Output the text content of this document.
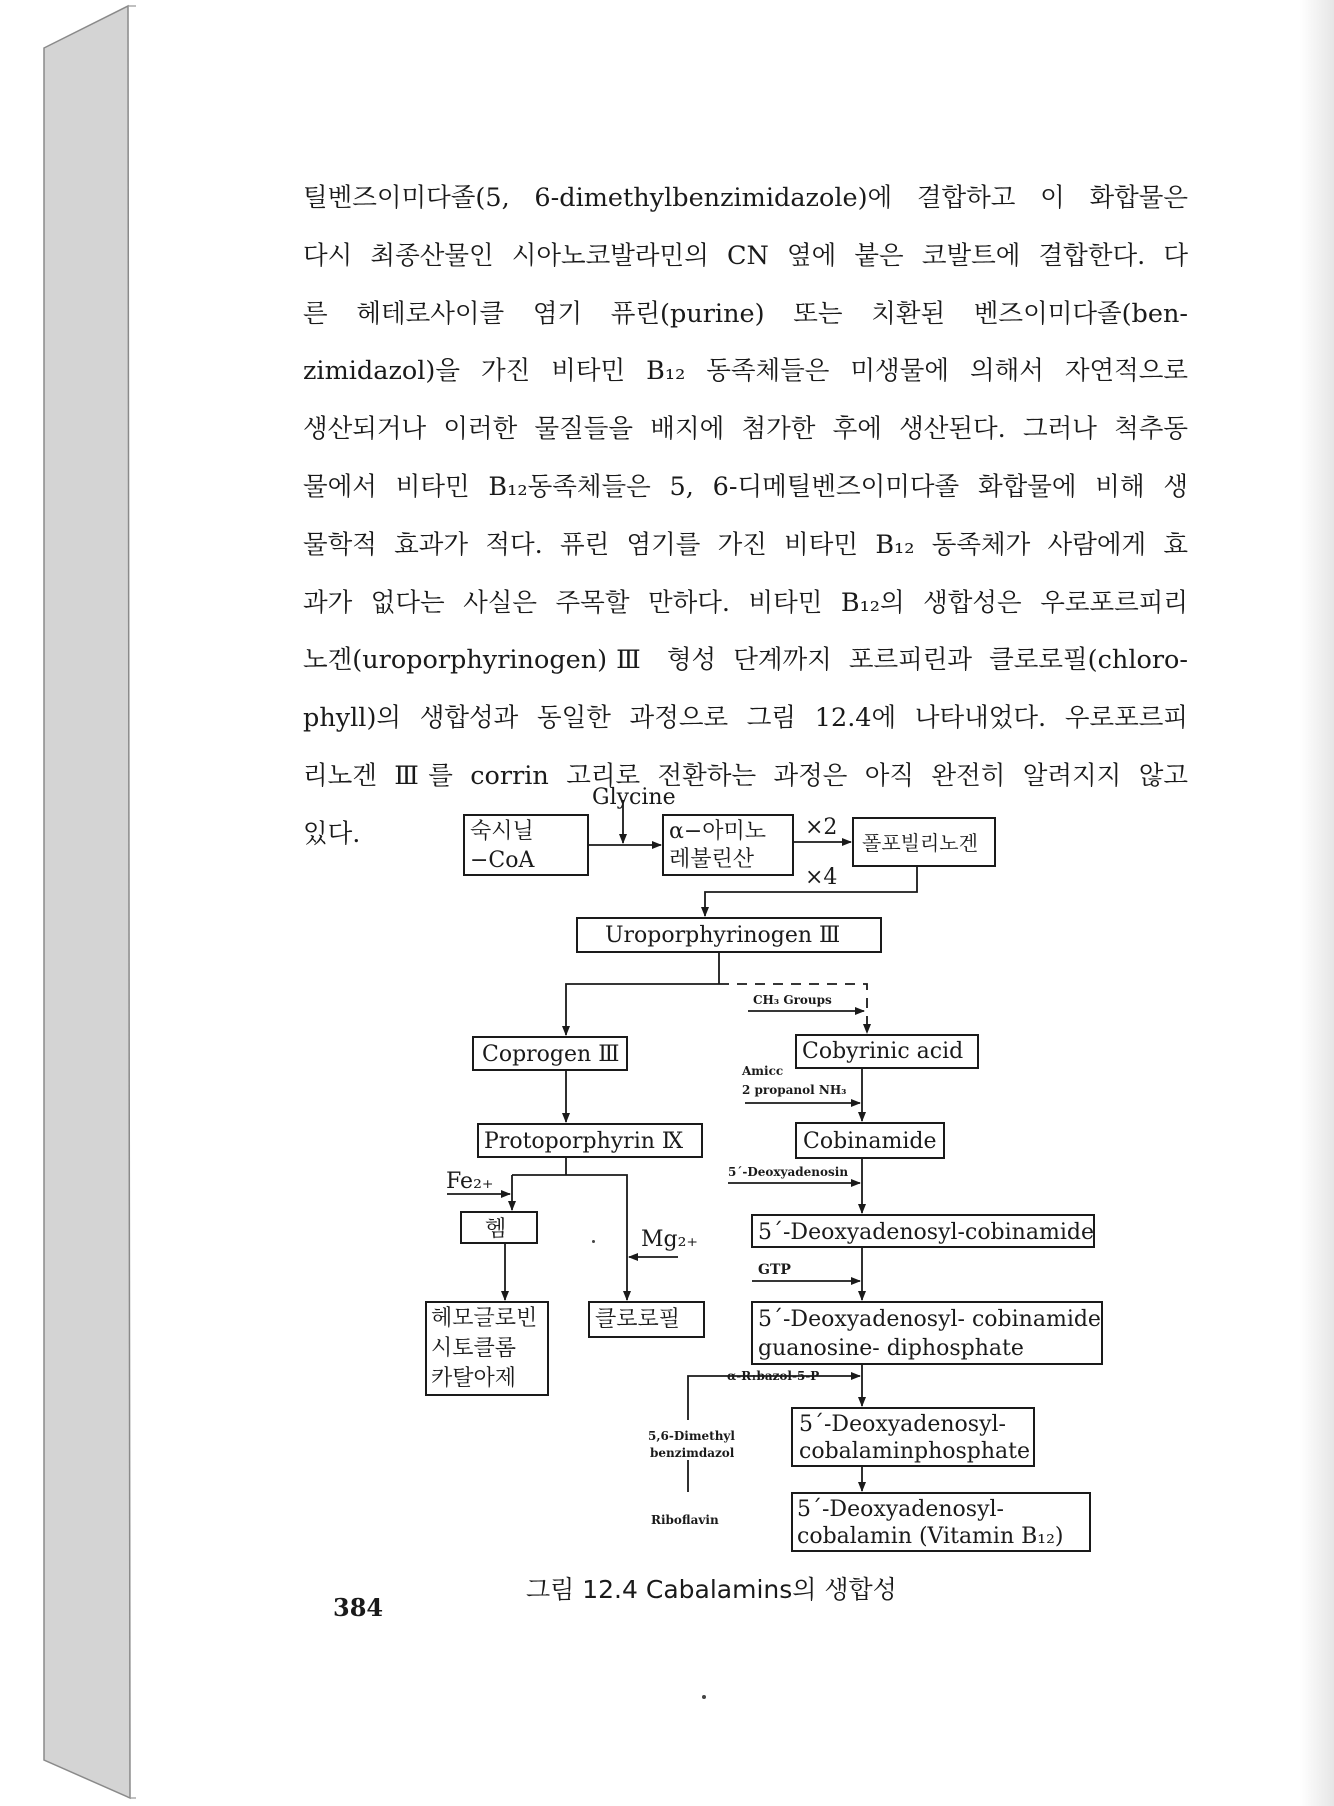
틸벤즈이미다졸(5, 6-dimethylbenzimidazole)에 결합하고 이 화합물은
다시 최종산물인 시아노코발라민의 CN 옆에 붙은 코발트에 결합한다. 다
른 헤테로사이클 염기 퓨린(purine) 또는 치환된 벤즈이미다졸(ben-
zimidazol)을 가진 비타민 B₁₂ 동족체들은 미생물에 의해서 자연적으로
생산되거나 이러한 물질들을 배지에 첨가한 후에 생산된다. 그러나 척추동
물에서 비타민 B₁₂동족체들은 5, 6-디메틸벤즈이미다졸 화합물에 비해 생
물학적 효과가 적다. 퓨린 염기를 가진 비타민 B₁₂ 동족체가 사람에게 효
과가 없다는 사실은 주목할 만하다. 비타민 B₁₂의 생합성은 우로포르피리
노겐(uroporphyrinogen)Ⅲ 형성 단계까지 포르피린과 클로로필(chloro-
phyll)의 생합성과 동일한 과정으로 그림 12.4에 나타내었다. 우로포르피
리노겐 Ⅲ를 corrin 고리로 전환하는 과정은 아직 완전히 알려지지 않고
있다.

Glycine
숙시닐
−CoA
α−아미노
레불린산
×2
×4
폴포빌리노겐
Uroporphyrinogen Ⅲ
Coprogen Ⅲ	Cobyrinic acid
Protoporphyrin Ⅸ	Cobinamide
Fe₂₊
헴	Mg₂₊	5´-Deoxyadenosyl-cobinamide
헤모글로빈
시토클롬
카탈아제
클로로필	5´-Deoxyadenosyl- cobinamide
guanosine- diphosphate
5´-Deoxyadenosyl-
cobalaminphosphate
5´-Deoxyadenosyl-
cobalamin (Vitamin B₁₂)
CH₃ Groups
Amicc
2 propanol NH₃
5´-Deoxyadenosin
GTP
α-R₁bazol-5-P
5,6-Dimethyl
benzimdazol
Riboflavin
그림 12.4 Cabalamins의 생합성
384
